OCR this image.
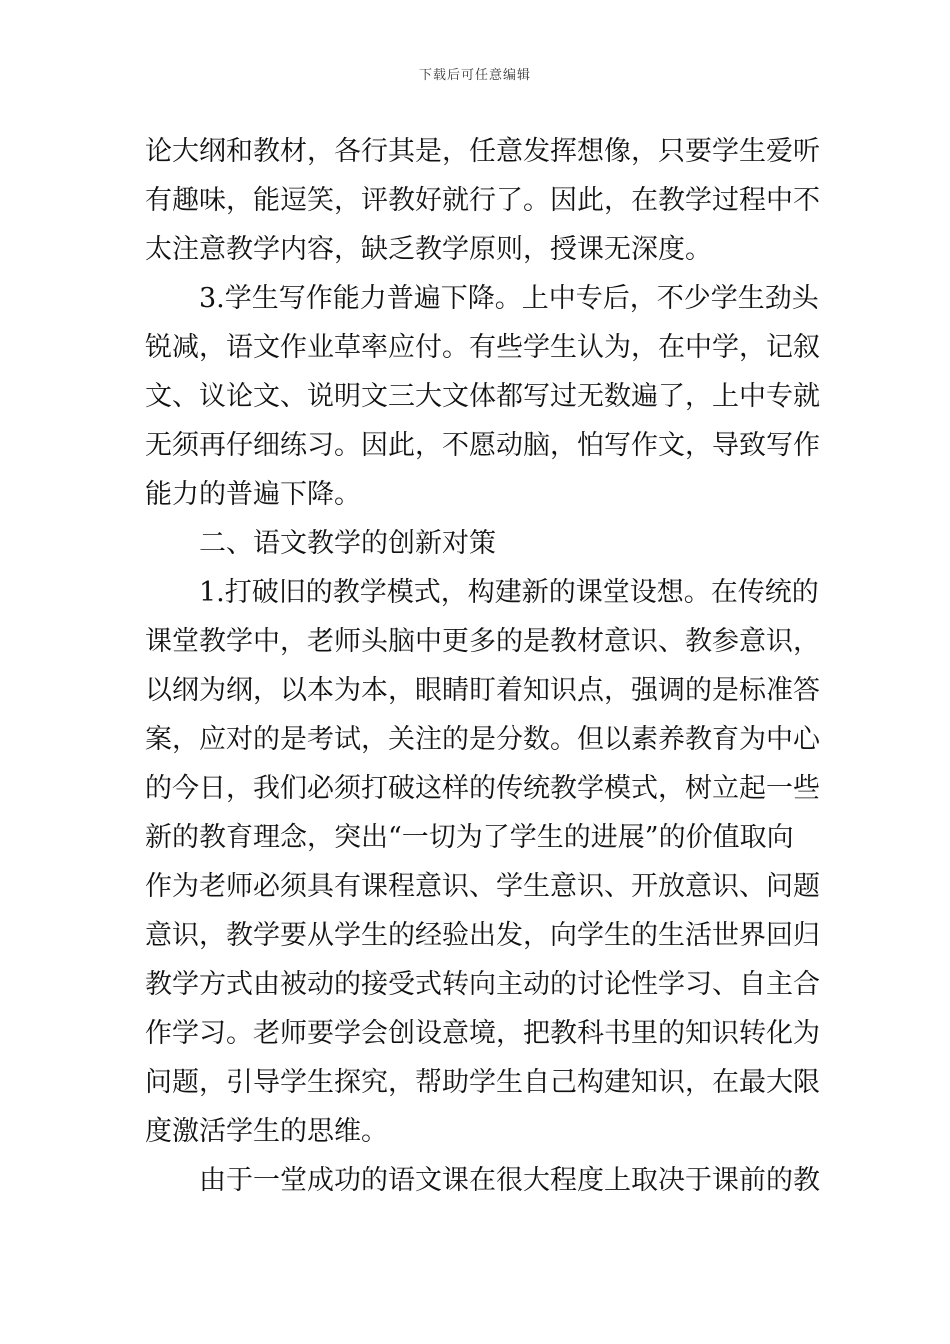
下载后可任意编辑
论大纲和教材，各行其是，任意发挥想像，只要学生爱听
有趣味，能逗笑，评教好就行了。因此，在教学过程中不
太注意教学内容，缺乏教学原则，授课无深度。
3.学生写作能力普遍下降。上中专后，不少学生劲头
锐减，语文作业草率应付。有些学生认为，在中学，记叙
文、议论文、说明文三大文体都写过无数遍了，上中专就
无须再仔细练习。因此，不愿动脑，怕写作文，导致写作
能力的普遍下降。
二、语文教学的创新对策
1.打破旧的教学模式，构建新的课堂设想。在传统的
课堂教学中，老师头脑中更多的是教材意识、教参意识，
以纲为纲，以本为本，眼睛盯着知识点，强调的是标准答
案，应对的是考试，关注的是分数。但以素养教育为中心
的今日，我们必须打破这样的传统教学模式，树立起一些
新的教育理念，突出“一切为了学生的进展”的价值取向
作为老师必须具有课程意识、学生意识、开放意识、问题
意识，教学要从学生的经验出发，向学生的生活世界回归
教学方式由被动的接受式转向主动的讨论性学习、自主合
作学习。老师要学会创设意境，把教科书里的知识转化为
问题，引导学生探究，帮助学生自己构建知识，在最大限
度激活学生的思维。
由于一堂成功的语文课在很大程度上取决于课前的教
